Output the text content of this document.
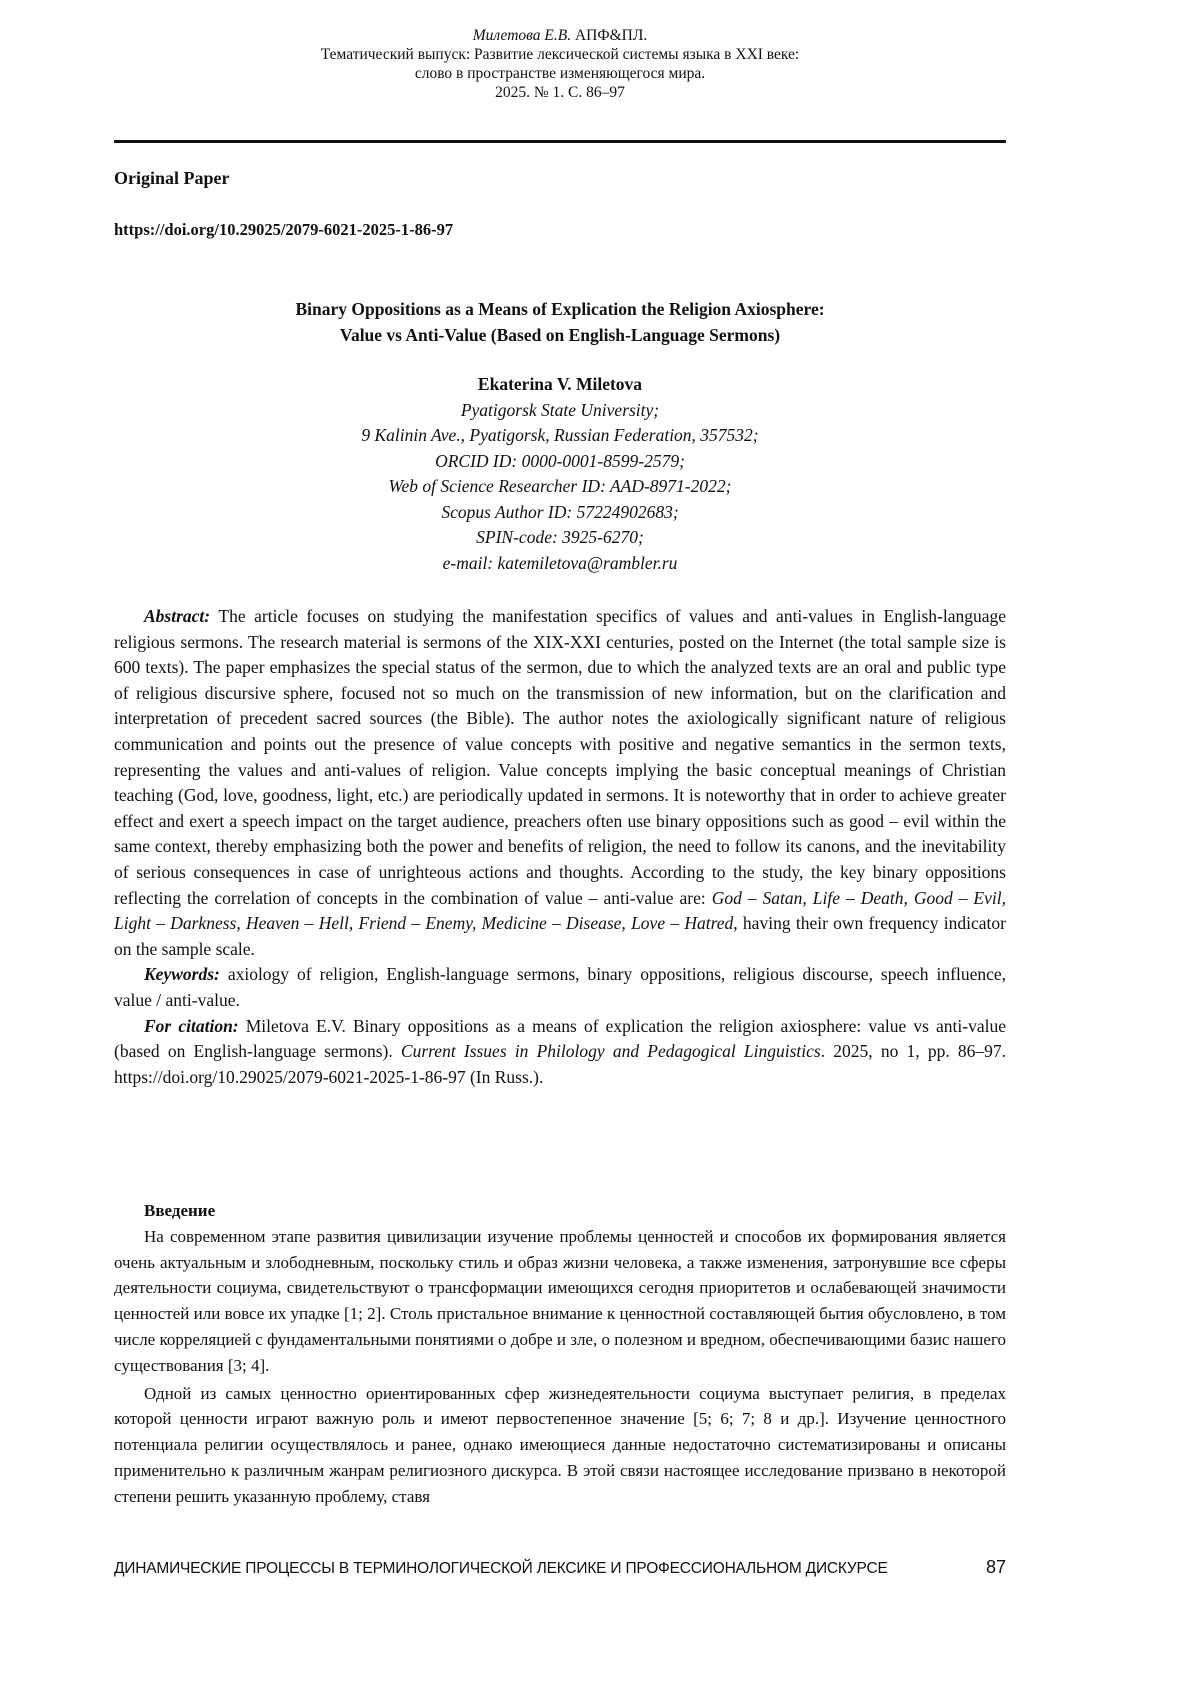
Милетова Е.В. АПФ&ПЛ.
Тематический выпуск: Развитие лексической системы языка в XXI веке:
слово в пространстве изменяющегося мира.
2025. № 1. С. 86–97
Original Paper
https://doi.org/10.29025/2079-6021-2025-1-86-97
Binary Oppositions as a Means of Explication the Religion Axiosphere:
Value vs Anti-Value (Based on English-Language Sermons)
Ekaterina V. Miletova
Pyatigorsk State University;
9 Kalinin Ave., Pyatigorsk, Russian Federation, 357532;
ORCID ID: 0000-0001-8599-2579;
Web of Science Researcher ID: AAD-8971-2022;
Scopus Author ID: 57224902683;
SPIN-code: 3925-6270;
e-mail: katemiletova@rambler.ru

Abstract: The article focuses on studying the manifestation specifics of values and anti-values in English-language religious sermons. The research material is sermons of the XIX-XXI centuries, posted on the Internet (the total sample size is 600 texts). The paper emphasizes the special status of the sermon, due to which the analyzed texts are an oral and public type of religious discursive sphere, focused not so much on the transmission of new information, but on the clarification and interpretation of precedent sacred sources (the Bible). The author notes the axiologically significant nature of religious communication and points out the presence of value concepts with positive and negative semantics in the sermon texts, representing the values and anti-values of religion. Value concepts implying the basic conceptual meanings of Christian teaching (God, love, goodness, light, etc.) are periodically updated in sermons. It is noteworthy that in order to achieve greater effect and exert a speech impact on the target audience, preachers often use binary oppositions such as good – evil within the same context, thereby emphasizing both the power and benefits of religion, the need to follow its canons, and the inevitability of serious consequences in case of unrighteous actions and thoughts. According to the study, the key binary oppositions reflecting the correlation of concepts in the combination of value – anti-value are: God – Satan, Life – Death, Good – Evil, Light – Darkness, Heaven – Hell, Friend – Enemy, Medicine – Disease, Love – Hatred, having their own frequency indicator on the sample scale.

Keywords: axiology of religion, English-language sermons, binary oppositions, religious discourse, speech influence, value / anti-value.

For citation: Miletova E.V. Binary oppositions as a means of explication the religion axiosphere: value vs anti-value (based on English-language sermons). Current Issues in Philology and Pedagogical Linguistics. 2025, no 1, pp. 86–97. https://doi.org/10.29025/2079-6021-2025-1-86-97 (In Russ.).

Введение

На современном этапе развития цивилизации изучение проблемы ценностей и способов их формирования является очень актуальным и злободневным, поскольку стиль и образ жизни человека, а также изменения, затронувшие все сферы деятельности социума, свидетельствуют о трансформации имеющихся сегодня приоритетов и ослабевающей значимости ценностей или вовсе их упадке [1; 2]. Столь пристальное внимание к ценностной составляющей бытия обусловлено, в том числе корреляцией с фундаментальными понятиями о добре и зле, о полезном и вредном, обеспечивающими базис нашего существования [3; 4].

Одной из самых ценностно ориентированных сфер жизнедеятельности социума выступает религия, в пределах которой ценности играют важную роль и имеют первостепенное значение [5; 6; 7; 8 и др.]. Изучение ценностного потенциала религии осуществлялось и ранее, однако имеющиеся данные недостаточно систематизированы и описаны применительно к различным жанрам религиозного дискурса. В этой связи настоящее исследование призвано в некоторой степени решить указанную проблему, ставя

ДИНАМИЧЕСКИЕ ПРОЦЕССЫ В ТЕРМИНОЛОГИЧЕСКОЙ ЛЕКСИКЕ И ПРОФЕССИОНАЛЬНОМ ДИСКУРСЕ	87
